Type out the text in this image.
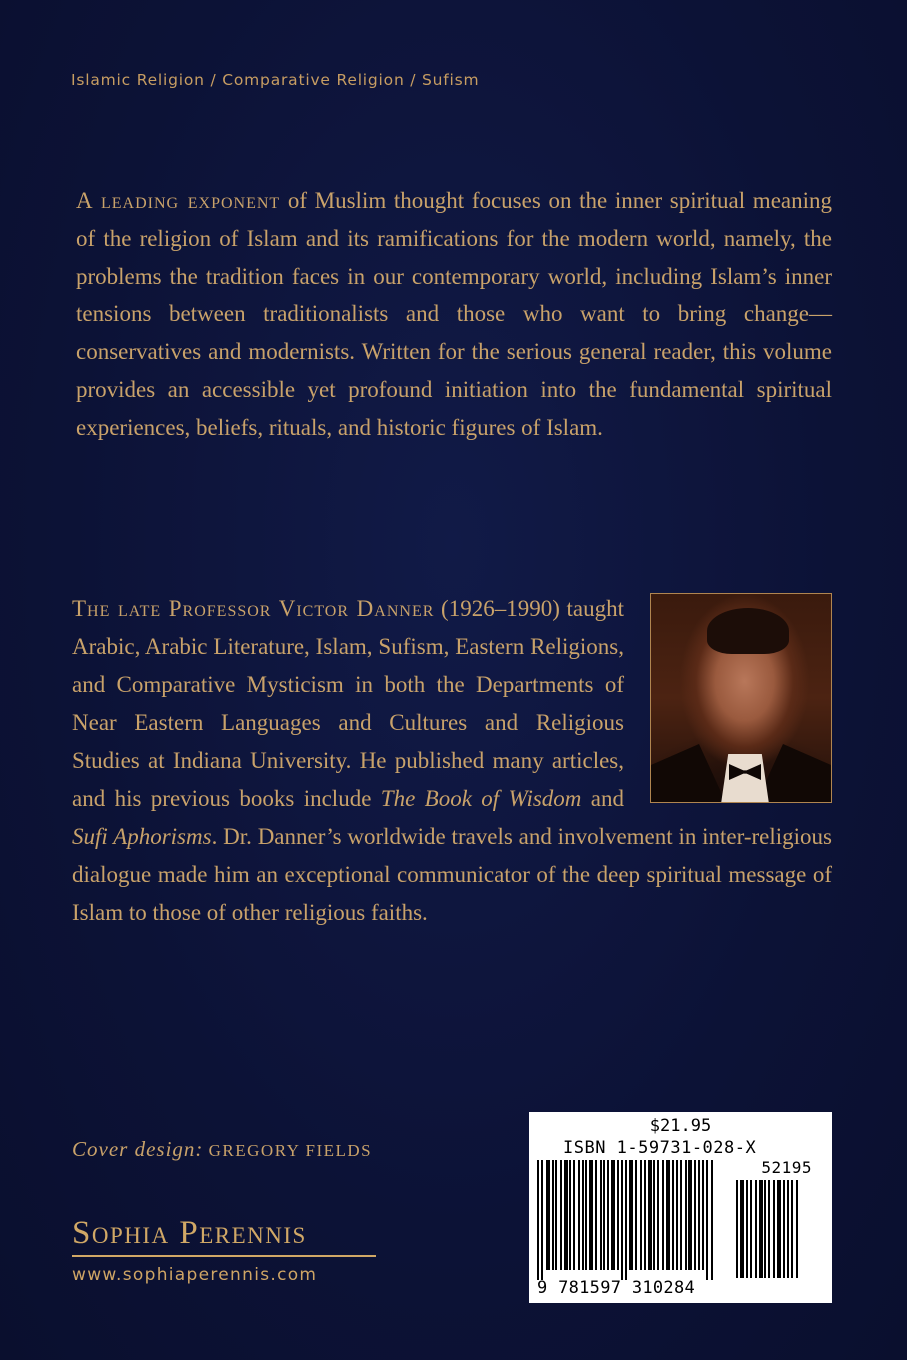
Islamic Religion / Comparative Religion / Sufism

A leading exponent of Muslim thought focuses on the inner spiritual meaning of the religion of Islam and its ramifications for the modern world, namely, the problems the tradition faces in our contemporary world, including Islam’s inner tensions between traditionalists and those who want to bring change—conservatives and modernists. Written for the serious general reader, this volume provides an accessible yet profound initiation into the fundamental spiritual experiences, beliefs, rituals, and historic figures of Islam.

The late Professor Victor Danner (1926–1990) taught Arabic, Arabic Literature, Islam, Sufism, Eastern Religions, and Comparative Mysticism in both the Departments of Near Eastern Languages and Cultures and Religious Studies at Indiana University. He published many articles, and his previous books include The Book of Wisdom and Sufi Aphorisms. Dr. Danner’s worldwide travels and involvement in inter-religious dialogue made him an exceptional communicator of the deep spiritual message of Islam to those of other religious faiths.

Cover design: GREGORY FIELDS
Sophia Perennis
www.sophiaperennis.com
$21.95
ISBN 1-59731-028-X
52195
9 781597 310284
